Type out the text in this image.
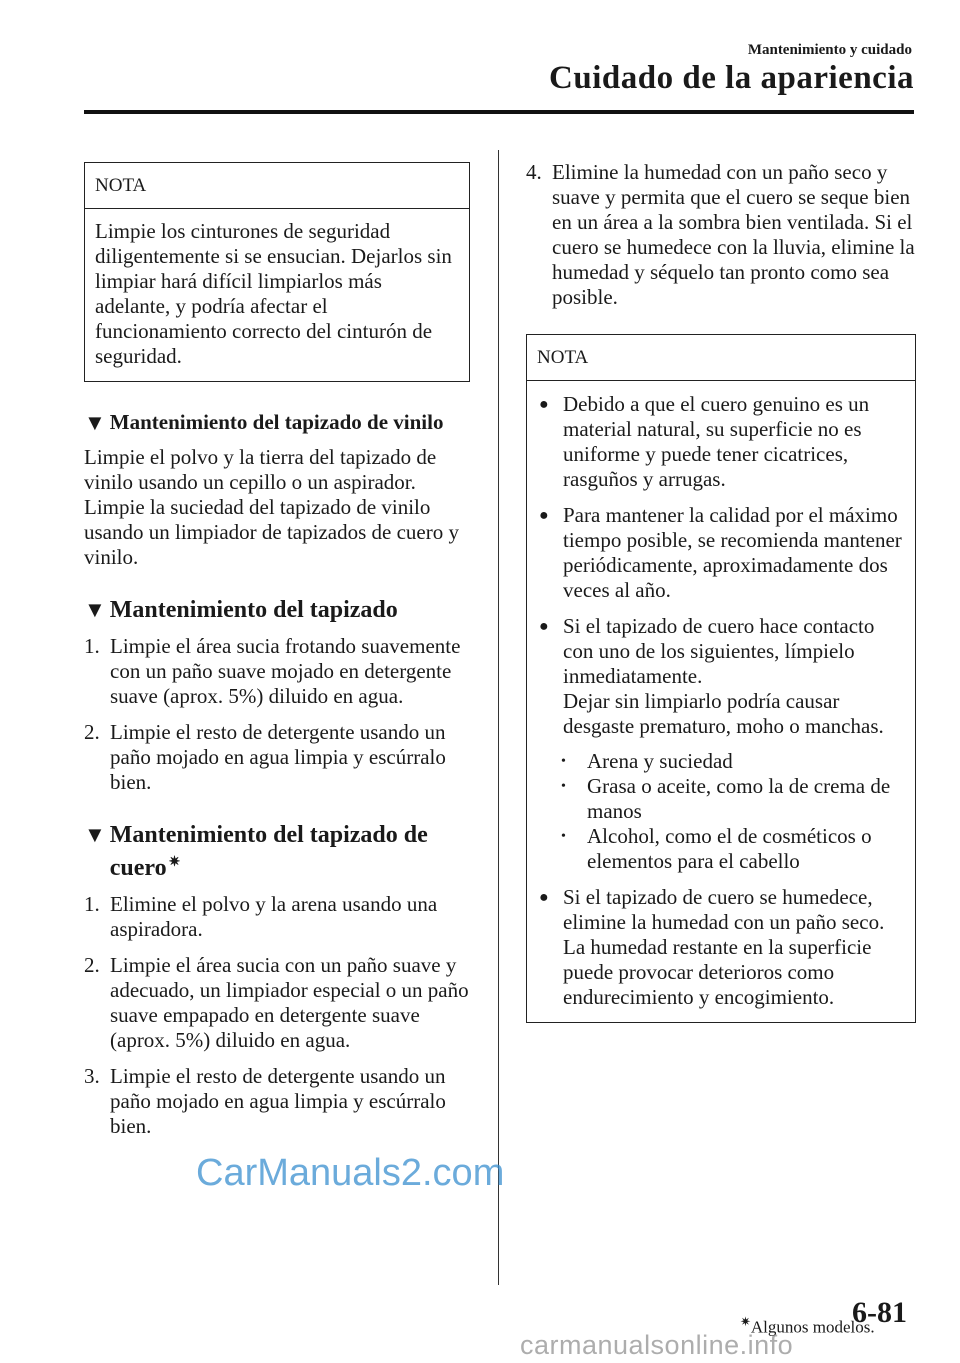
Mantenimiento y cuidado
Cuidado de la apariencia
NOTA
Limpie los cinturones de seguridad diligentemente si se ensucian. Dejarlos sin limpiar hará difícil limpiarlos más adelante, y podría afectar el funcionamiento correcto del cinturón de seguridad.
▼ Mantenimiento del tapizado de vinilo
Limpie el polvo y la tierra del tapizado de vinilo usando un cepillo o un aspirador. Limpie la suciedad del tapizado de vinilo usando un limpiador de tapizados de cuero y vinilo.
▼ Mantenimiento del tapizado
1. Limpie el área sucia frotando suavemente con un paño suave mojado en detergente suave (aprox. 5%) diluido en agua.
2. Limpie el resto de detergente usando un paño mojado en agua limpia y escúrralo bien.
▼ Mantenimiento del tapizado de cuero ✷
1. Elimine el polvo y la arena usando una aspiradora.
2. Limpie el área sucia con un paño suave y adecuado, un limpiador especial o un paño suave empapado en detergente suave (aprox. 5%) diluido en agua.
3. Limpie el resto de detergente usando un paño mojado en agua limpia y escúrralo bien.
4. Elimine la humedad con un paño seco y suave y permita que el cuero se seque bien en un área a la sombra bien ventilada. Si el cuero se humedece con la lluvia, elimine la humedad y séquelo tan pronto como sea posible.
NOTA
● Debido a que el cuero genuino es un material natural, su superficie no es uniforme y puede tener cicatrices, rasguños y arrugas.
● Para mantener la calidad por el máximo tiempo posible, se recomienda mantener periódicamente, aproximadamente dos veces al año.
● Si el tapizado de cuero hace contacto con uno de los siguientes, límpielo inmediatamente.
Dejar sin limpiarlo podría causar desgaste prematuro, moho o manchas.
•	Arena y suciedad
•	Grasa o aceite, como la de crema de manos
•	Alcohol, como el de cosméticos o elementos para el cabello
● Si el tapizado de cuero se humedece, elimine la humedad con un paño seco. La humedad restante en la superficie puede provocar deterioros como endurecimiento y encogimiento.
CarManuals2.com
✷Algunos modelos.
6-81
carmanualsonline.info
